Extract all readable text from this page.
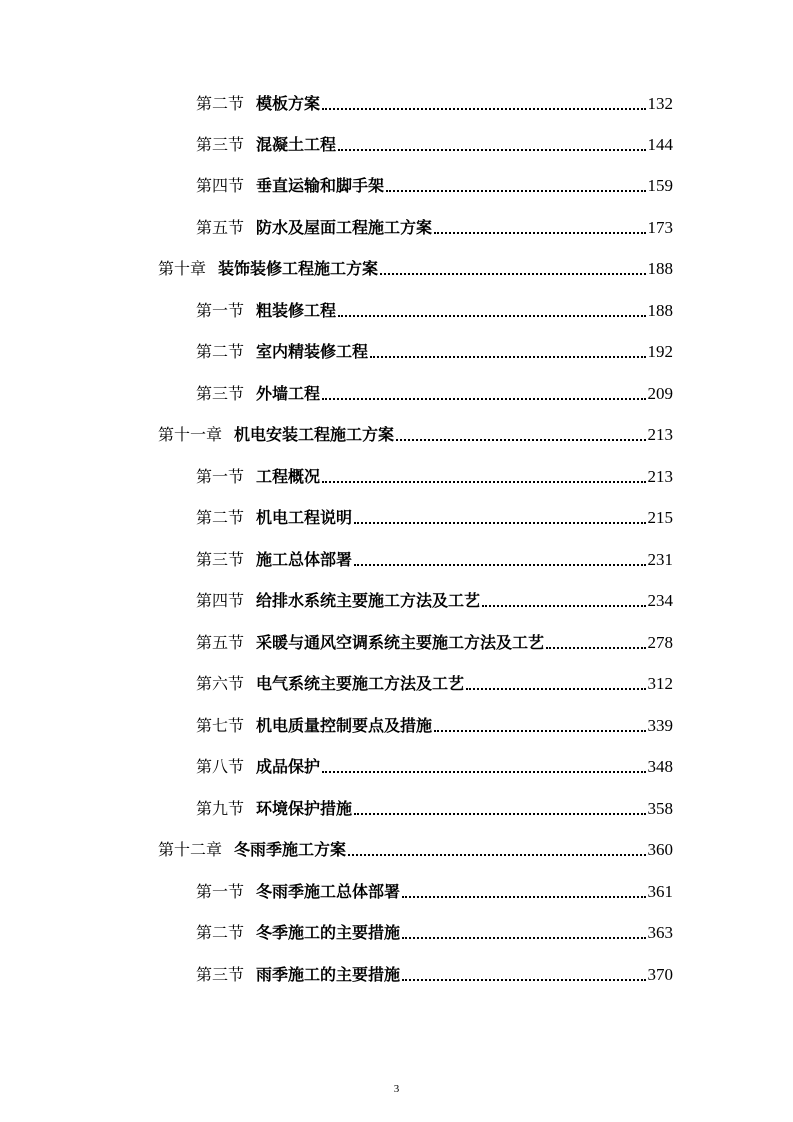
第二节 模板方案	132
第三节 混凝土工程	144
第四节 垂直运输和脚手架	159
第五节 防水及屋面工程施工方案	173
第十章 装饰装修工程施工方案	188
第一节 粗装修工程	188
第二节 室内精装修工程	192
第三节 外墙工程	209
第十一章 机电安装工程施工方案	213
第一节 工程概况	213
第二节 机电工程说明	215
第三节 施工总体部署	231
第四节 给排水系统主要施工方法及工艺	234
第五节 采暖与通风空调系统主要施工方法及工艺	278
第六节 电气系统主要施工方法及工艺	312
第七节 机电质量控制要点及措施	339
第八节 成品保护	348
第九节 环境保护措施	358
第十二章 冬雨季施工方案	360
第一节 冬雨季施工总体部署	361
第二节 冬季施工的主要措施	363
第三节 雨季施工的主要措施	370
3
